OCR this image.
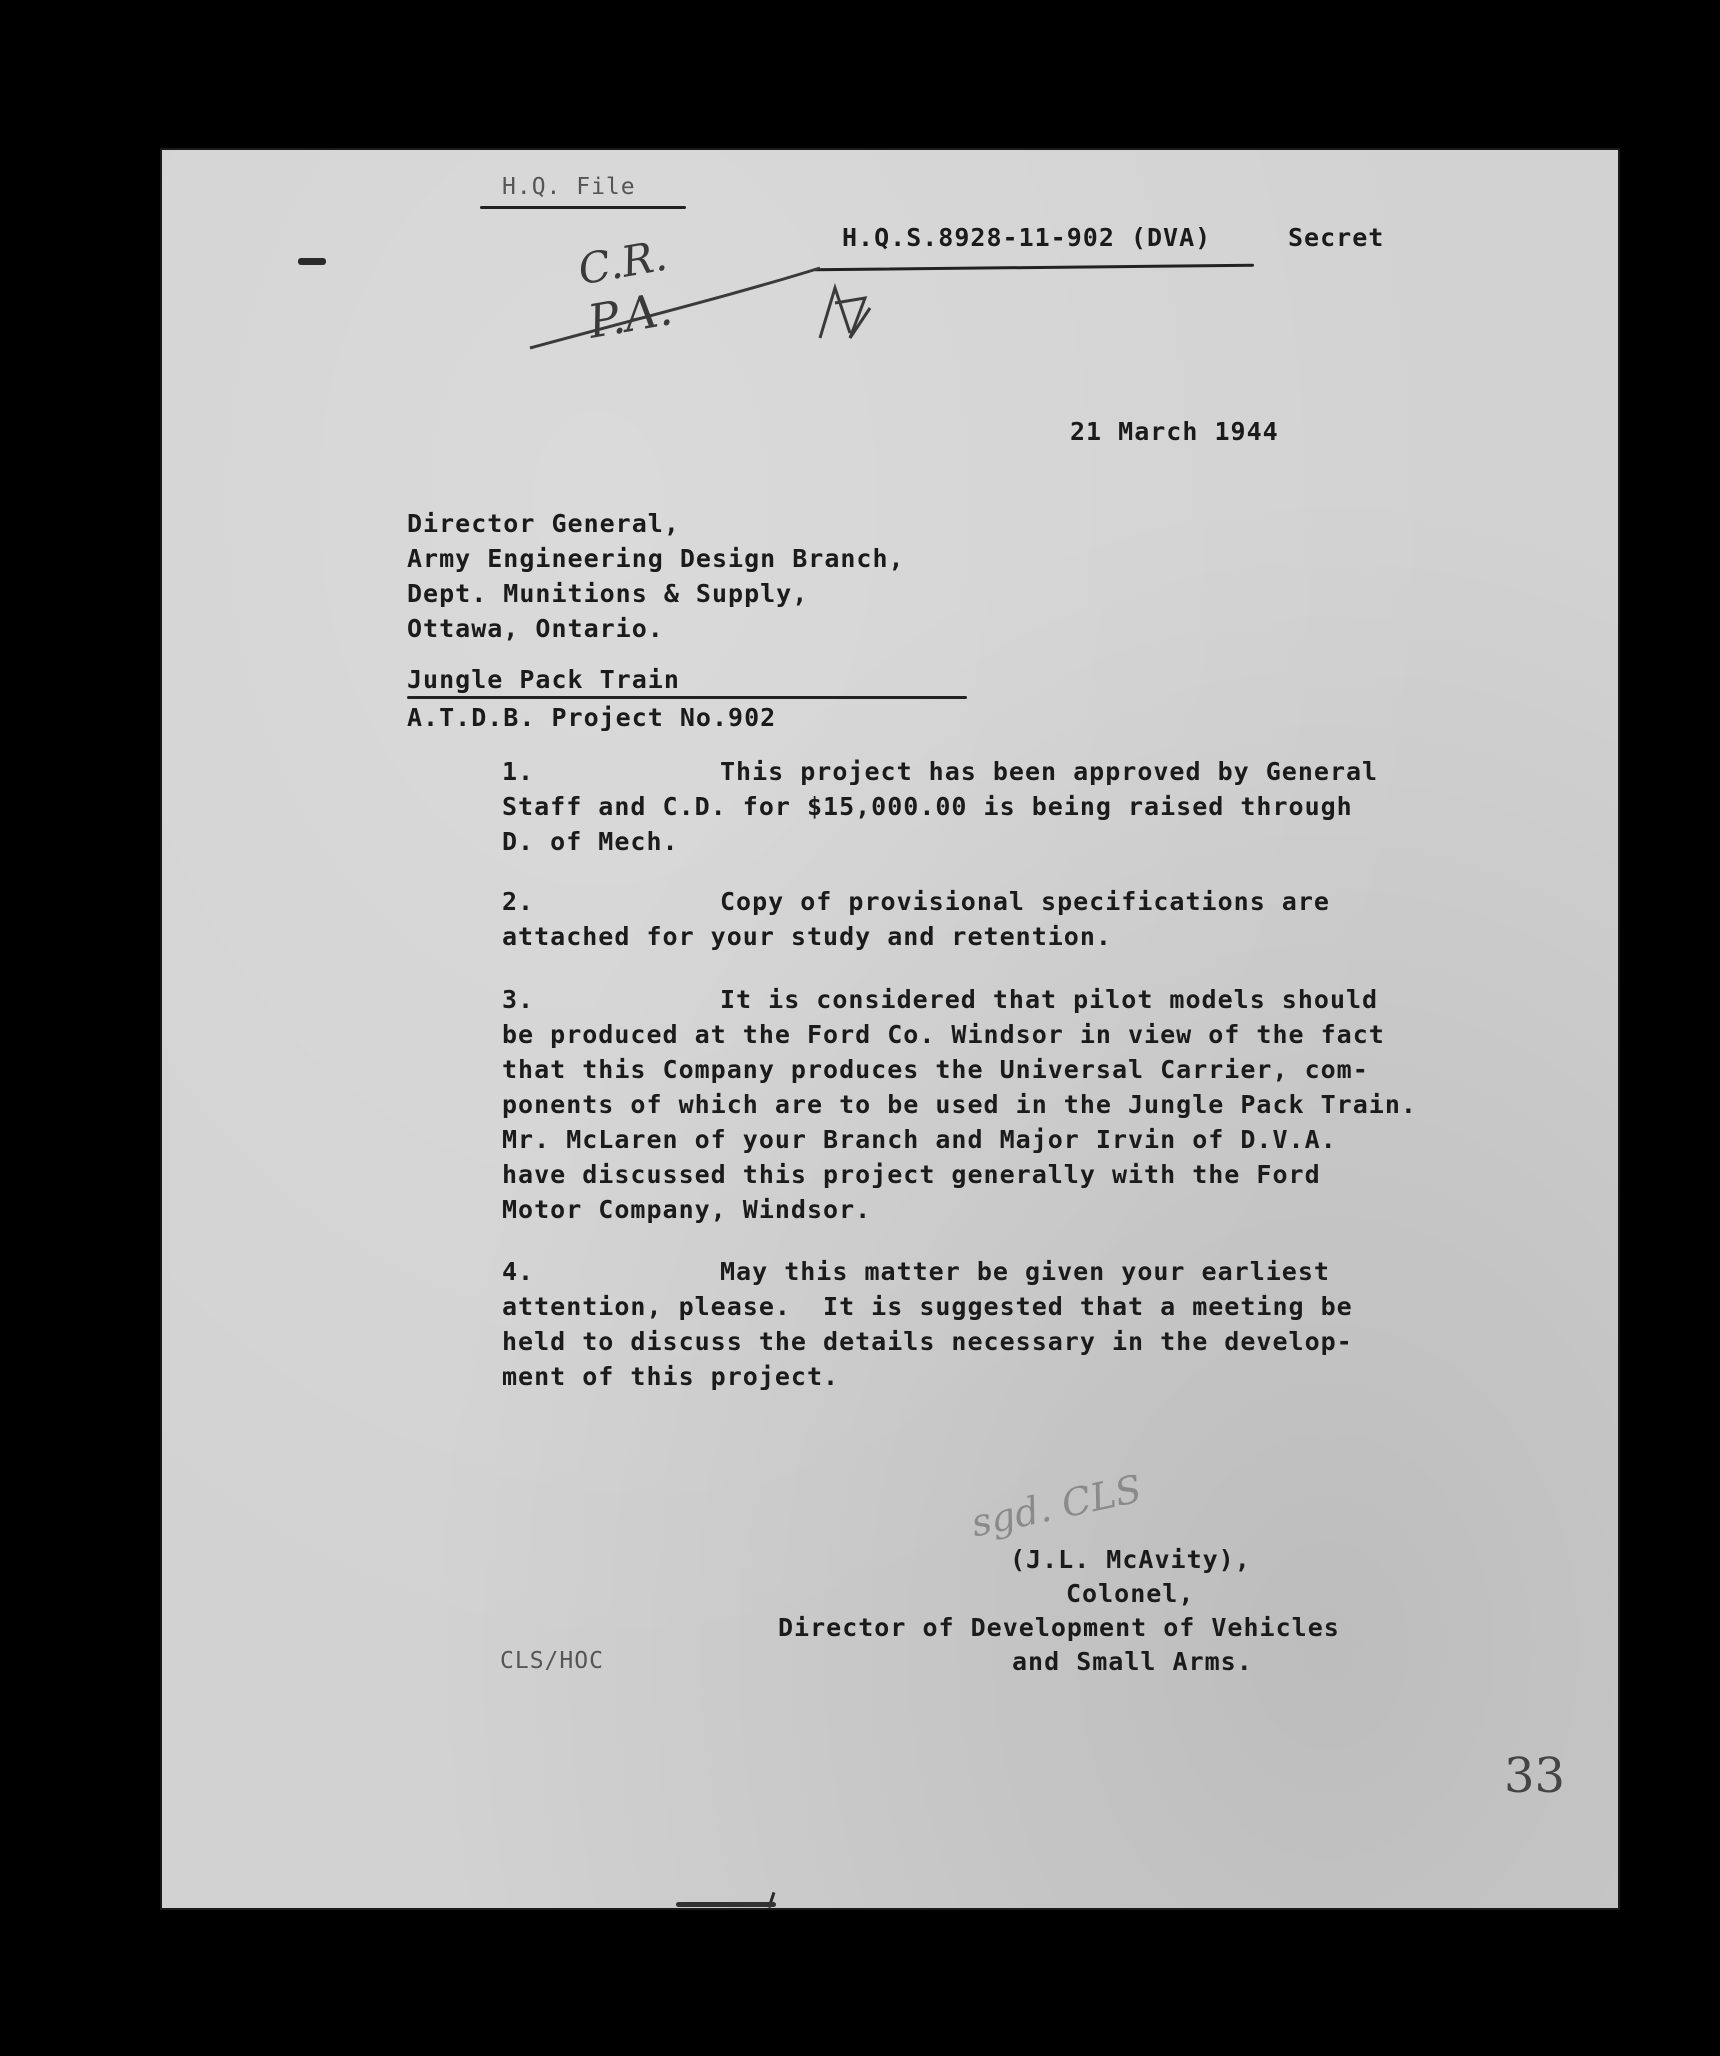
H.Q. File
H.Q.S.8928-11-902 (DVA)	Secret
C.R.
P.A.
21 March 1944
Director General,
Army Engineering Design Branch,
Dept. Munitions & Supply,
Ottawa, Ontario.
Jungle Pack Train
A.T.D.B. Project No.902
1.	This project has been approved by General
Staff and C.D. for $15,000.00 is being raised through
D. of Mech.
2.	Copy of provisional specifications are
attached for your study and retention.
3.	It is considered that pilot models should
be produced at the Ford Co. Windsor in view of the fact
that this Company produces the Universal Carrier, com-
ponents of which are to be used in the Jungle Pack Train.
Mr. McLaren of your Branch and Major Irvin of D.V.A.
have discussed this project generally with the Ford
Motor Company, Windsor.
4.	May this matter be given your earliest
attention, please.  It is suggested that a meeting be
held to discuss the details necessary in the develop-
ment of this project.
sgd. CLS
(J.L. McAvity),
Colonel,
Director of Development of Vehicles
and Small Arms.
CLS/HOC
33
